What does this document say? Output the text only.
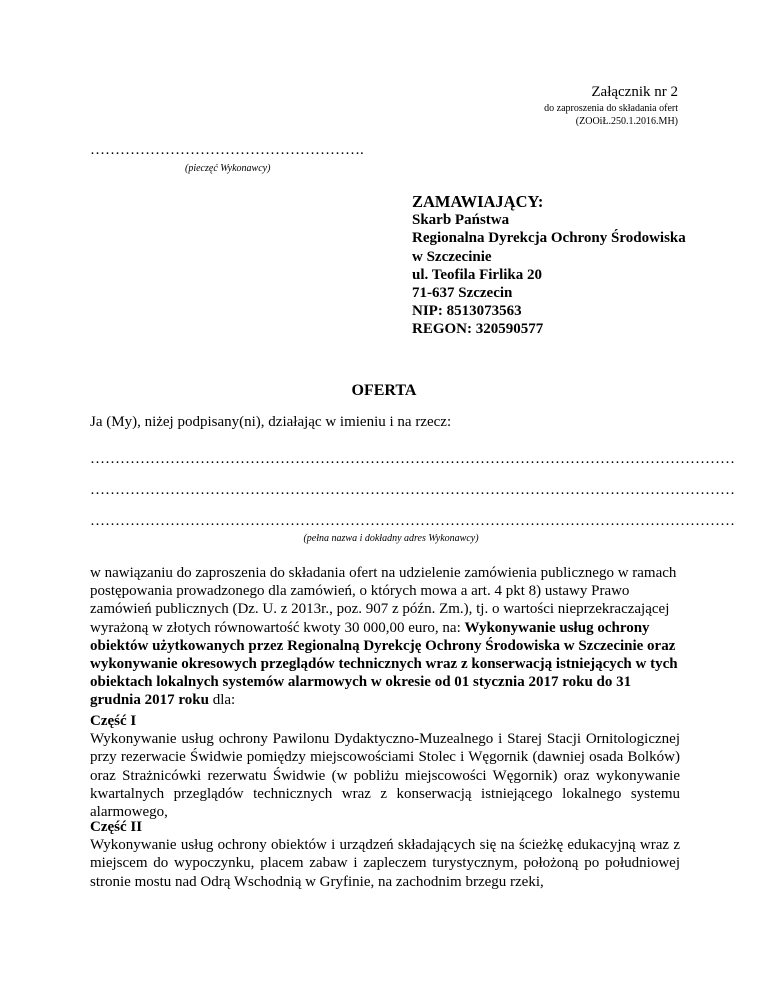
Załącznik nr 2
do zaproszenia do składania ofert
(ZOOiŁ.250.1.2016.MH)
……………………………………………….
(pieczęć Wykonawcy)
ZAMAWIAJĄCY:
Skarb Państwa
Regionalna Dyrekcja Ochrony Środowiska
w Szczecinie
ul. Teofila Firlika 20
71-637 Szczecin
NIP: 8513073563
REGON: 320590577
OFERTA
Ja (My), niżej podpisany(ni), działając w imieniu i na rzecz:
…………………………………………………………………………………………………………………
…………………………………………………………………………………………………………………
…………………………………………………………………………………………………………………
(pełna nazwa i dokładny adres Wykonawcy)
w nawiązaniu do zaproszenia do składania ofert na udzielenie zamówienia publicznego w ramach postępowania prowadzonego dla zamówień, o których mowa a art. 4 pkt 8) ustawy Prawo zamówień publicznych (Dz. U. z 2013r., poz. 907 z późn. Zm.), tj. o wartości nieprzekraczającej wyrażoną w złotych równowartość kwoty 30 000,00 euro, na: Wykonywanie usług ochrony obiektów użytkowanych przez Regionalną Dyrekcję Ochrony Środowiska w Szczecinie oraz wykonywanie okresowych przeglądów technicznych wraz z konserwacją istniejących w tych obiektach lokalnych systemów alarmowych w okresie od 01 stycznia 2017 roku do 31 grudnia 2017 roku dla:
Część I
Wykonywanie usług ochrony Pawilonu Dydaktyczno-Muzealnego i Starej Stacji Ornitologicznej przy rezerwacie Świdwie pomiędzy miejscowościami Stolec i Węgornik (dawniej osada Bolków) oraz Strażnicówki rezerwatu Świdwie (w pobliżu miejscowości Węgornik) oraz wykonywanie kwartalnych przeglądów technicznych wraz z konserwacją istniejącego lokalnego systemu alarmowego,
Część II
Wykonywanie usług ochrony obiektów i urządzeń składających się na ścieżkę edukacyjną wraz z miejscem do wypoczynku, placem zabaw i zapleczem turystycznym, położoną po południowej stronie mostu nad Odrą Wschodnią w Gryfinie, na zachodnim brzegu rzeki,
